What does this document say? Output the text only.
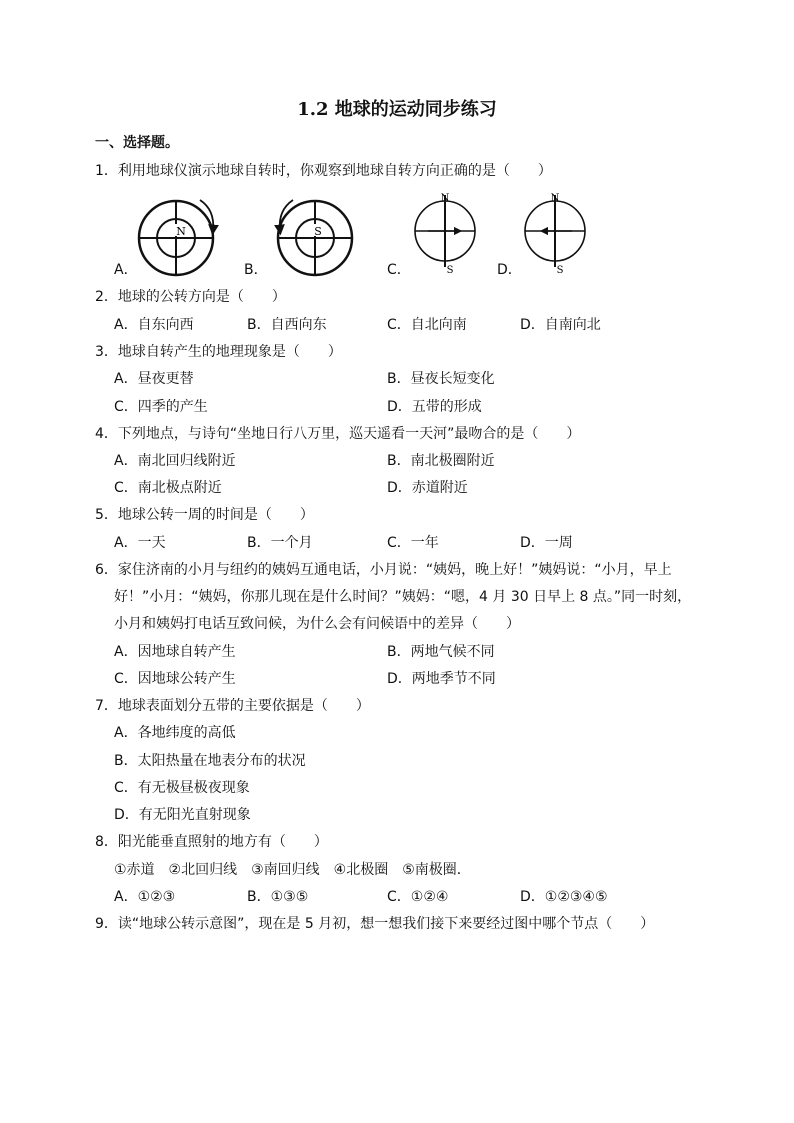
1.2 地球的运动同步练习
一、选择题。
1．利用地球仪演示地球自转时，你观察到地球自转方向正确的是（　　）
N	S
N
S
N
S
A．	B．	C．	D．
2．地球的公转方向是（　　）
A．自东向西	B．自西向东	C．自北向南	D．自南向北
3．地球自转产生的地理现象是（　　）
A．昼夜更替	B．昼夜长短变化
C．四季的产生	D．五带的形成
4．下列地点，与诗句“坐地日行八万里，巡天遥看一天河”最吻合的是（　　）
A．南北回归线附近	B．南北极圈附近
C．南北极点附近	D．赤道附近
5．地球公转一周的时间是（　　）
A．一天	B．一个月	C．一年	D．一周
6．家住济南的小月与纽约的姨妈互通电话，小月说：“姨妈，晚上好！”姨妈说：“小月，早上
好！”小月：“姨妈，你那儿现在是什么时间？”姨妈：“嗯，4 月 30 日早上 8 点。”同一时刻，
小月和姨妈打电话互致问候，为什么会有问候语中的差异（　　）
A．因地球自转产生	B．两地气候不同
C．因地球公转产生	D．两地季节不同
7．地球表面划分五带的主要依据是（　　）
A．各地纬度的高低
B．太阳热量在地表分布的状况
C．有无极昼极夜现象
D．有无阳光直射现象
8．阳光能垂直照射的地方有（　　）
①赤道　②北回归线　③南回归线　④北极圈　⑤南极圈．
A．①②③	B．①③⑤	C．①②④	D．①②③④⑤
9．读“地球公转示意图”，现在是 5 月初，想一想我们接下来要经过图中哪个节点（　　）
